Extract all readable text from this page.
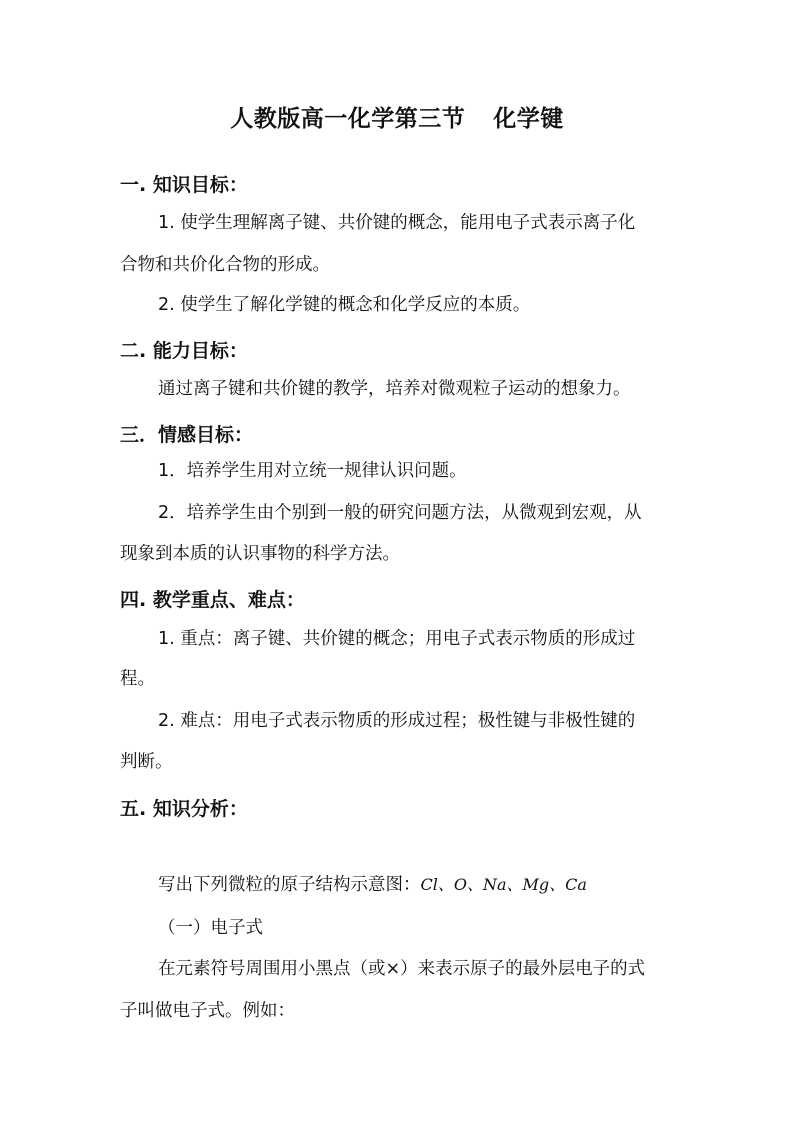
人教版高一化学第三节 化学键
一. 知识目标：
1. 使学生理解离子键、共价键的概念，能用电子式表示离子化
合物和共价化合物的形成。
2. 使学生了解化学键的概念和化学反应的本质。
二. 能力目标：
通过离子键和共价键的教学，培养对微观粒子运动的想象力。
三．情感目标：
1．培养学生用对立统一规律认识问题。
2．培养学生由个别到一般的研究问题方法，从微观到宏观，从
现象到本质的认识事物的科学方法。
四. 教学重点、难点：
1. 重点：离子键、共价键的概念；用电子式表示物质的形成过
程。
2. 难点：用电子式表示物质的形成过程；极性键与非极性键的
判断。
五. 知识分析：
写出下列微粒的原子结构示意图：Cl、O、Na、Mg、Ca
（一）电子式
在元素符号周围用小黑点（或×）来表示原子的最外层电子的式
子叫做电子式。例如：
